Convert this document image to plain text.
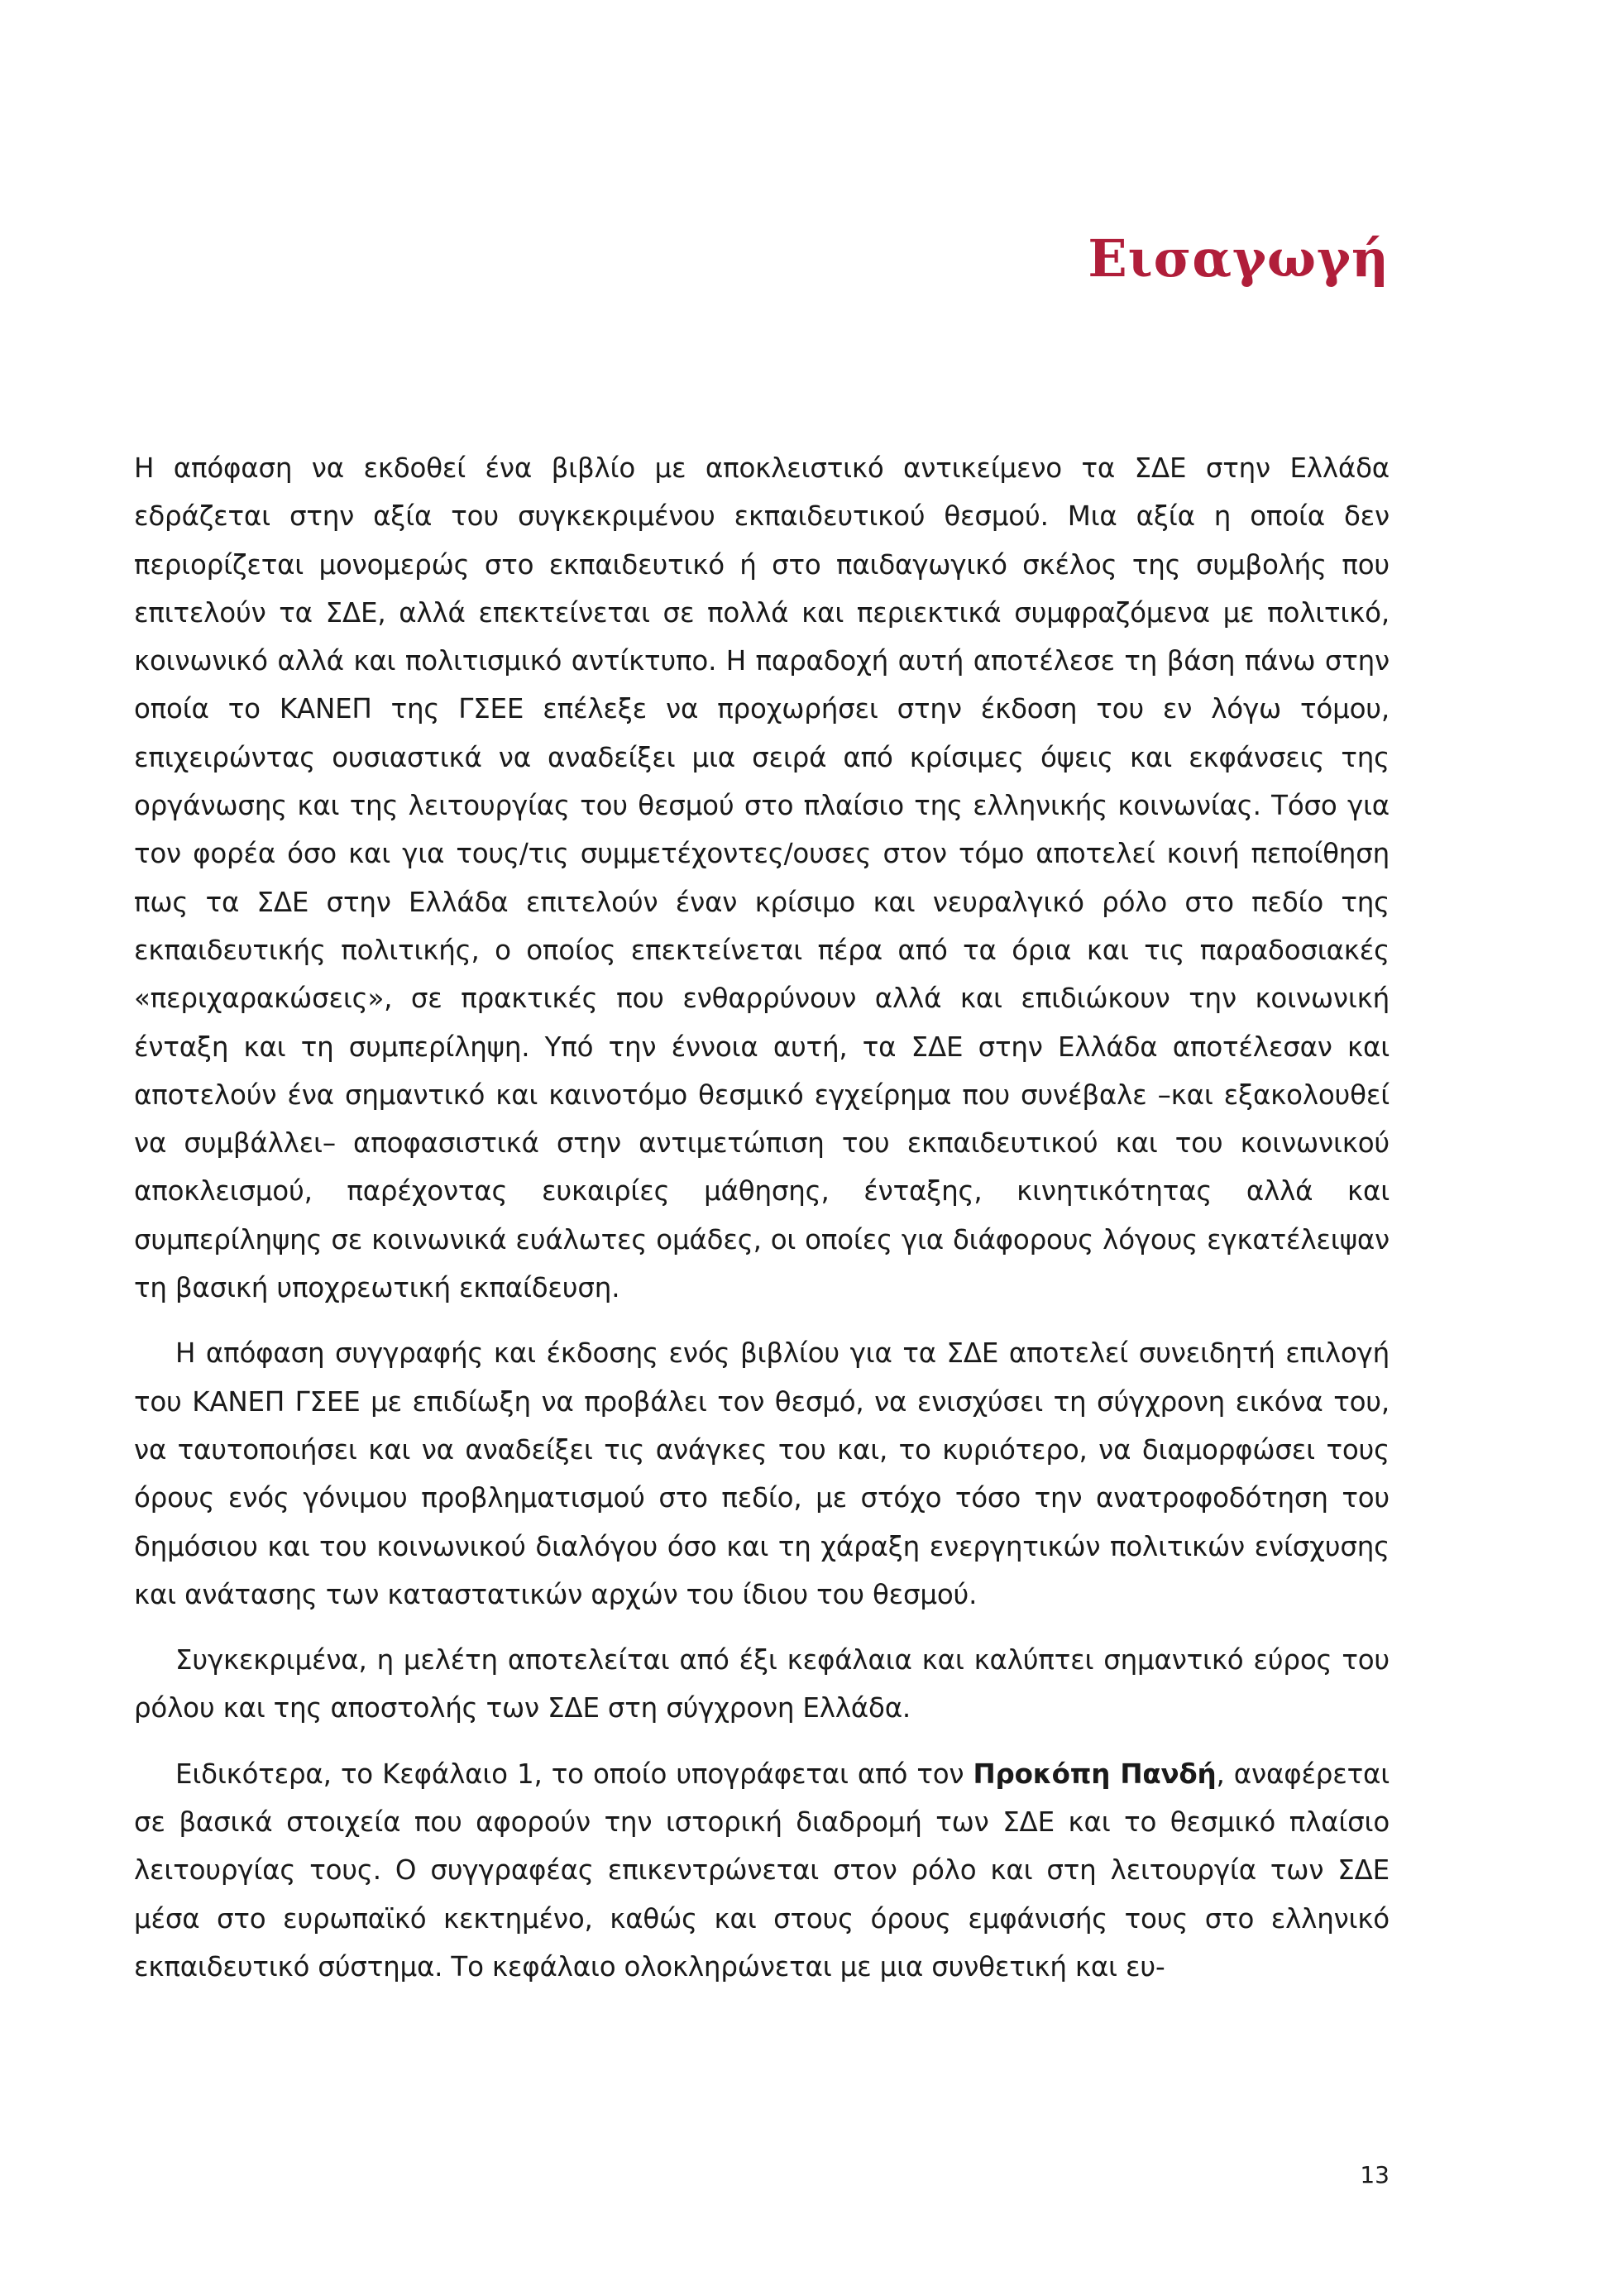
Εισαγωγή

Η απόφαση να εκδοθεί ένα βιβλίο με αποκλειστικό αντικείμενο τα ΣΔΕ στην Ελλάδα εδράζεται στην αξία του συγκεκριμένου εκπαιδευτικού θεσμού. Μια αξία η οποία δεν περιορίζεται μονομερώς στο εκπαιδευτικό ή στο παιδαγωγικό σκέλος της συμβολής που επιτελούν τα ΣΔΕ, αλλά επεκτείνεται σε πολλά και περιεκτικά συμφραζόμενα με πολιτικό, κοινωνικό αλλά και πολιτισμικό αντίκτυπο. Η παραδοχή αυτή αποτέλεσε τη βάση πάνω στην οποία το ΚΑΝΕΠ της ΓΣΕΕ επέλεξε να προχωρήσει στην έκδοση του εν λόγω τόμου, επιχειρώντας ουσιαστικά να αναδείξει μια σειρά από κρίσιμες όψεις και εκφάνσεις της οργάνωσης και της λειτουργίας του θεσμού στο πλαίσιο της ελληνικής κοινωνίας. Τόσο για τον φορέα όσο και για τους/τις συμμετέχοντες/ουσες στον τόμο αποτελεί κοινή πεποίθηση πως τα ΣΔΕ στην Ελλάδα επιτελούν έναν κρίσιμο και νευραλγικό ρόλο στο πεδίο της εκπαιδευτικής πολιτικής, ο οποίος επεκτείνεται πέρα από τα όρια και τις παραδοσιακές «περιχαρακώσεις», σε πρακτικές που ενθαρρύνουν αλλά και επιδιώκουν την κοινωνική ένταξη και τη συμπερίληψη. Υπό την έννοια αυτή, τα ΣΔΕ στην Ελλάδα αποτέλεσαν και αποτελούν ένα σημαντικό και καινοτόμο θεσμικό εγχείρημα που συνέβαλε –και εξακολουθεί να συμβάλλει– αποφασιστικά στην αντιμετώπιση του εκπαιδευτικού και του κοινωνικού αποκλεισμού, παρέχοντας ευκαιρίες μάθησης, ένταξης, κινητικότητας αλλά και συμπερίληψης σε κοινωνικά ευάλωτες ομάδες, οι οποίες για διάφορους λόγους εγκατέλειψαν τη βασική υποχρεωτική εκπαίδευση.

Η απόφαση συγγραφής και έκδοσης ενός βιβλίου για τα ΣΔΕ αποτελεί συνειδητή επιλογή του ΚΑΝΕΠ ΓΣΕΕ με επιδίωξη να προβάλει τον θεσμό, να ενισχύσει τη σύγχρονη εικόνα του, να ταυτοποιήσει και να αναδείξει τις ανάγκες του και, το κυριότερο, να διαμορφώσει τους όρους ενός γόνιμου προβληματισμού στο πεδίο, με στόχο τόσο την ανατροφοδότηση του δημόσιου και του κοινωνικού διαλόγου όσο και τη χάραξη ενεργητικών πολιτικών ενίσχυσης και ανάτασης των καταστατικών αρχών του ίδιου του θεσμού.

Συγκεκριμένα, η μελέτη αποτελείται από έξι κεφάλαια και καλύπτει σημαντικό εύρος του ρόλου και της αποστολής των ΣΔΕ στη σύγχρονη Ελλάδα.

Ειδικότερα, το Κεφάλαιο 1, το οποίο υπογράφεται από τον Προκόπη Πανδή, αναφέρεται σε βασικά στοιχεία που αφορούν την ιστορική διαδρομή των ΣΔΕ και το θεσμικό πλαίσιο λειτουργίας τους. Ο συγγραφέας επικεντρώνεται στον ρόλο και στη λειτουργία των ΣΔΕ μέσα στο ευρωπαϊκό κεκτημένο, καθώς και στους όρους εμφάνισής τους στο ελληνικό εκπαιδευτικό σύστημα. Το κεφάλαιο ολοκληρώνεται με μια συνθετική και ευ-

13
